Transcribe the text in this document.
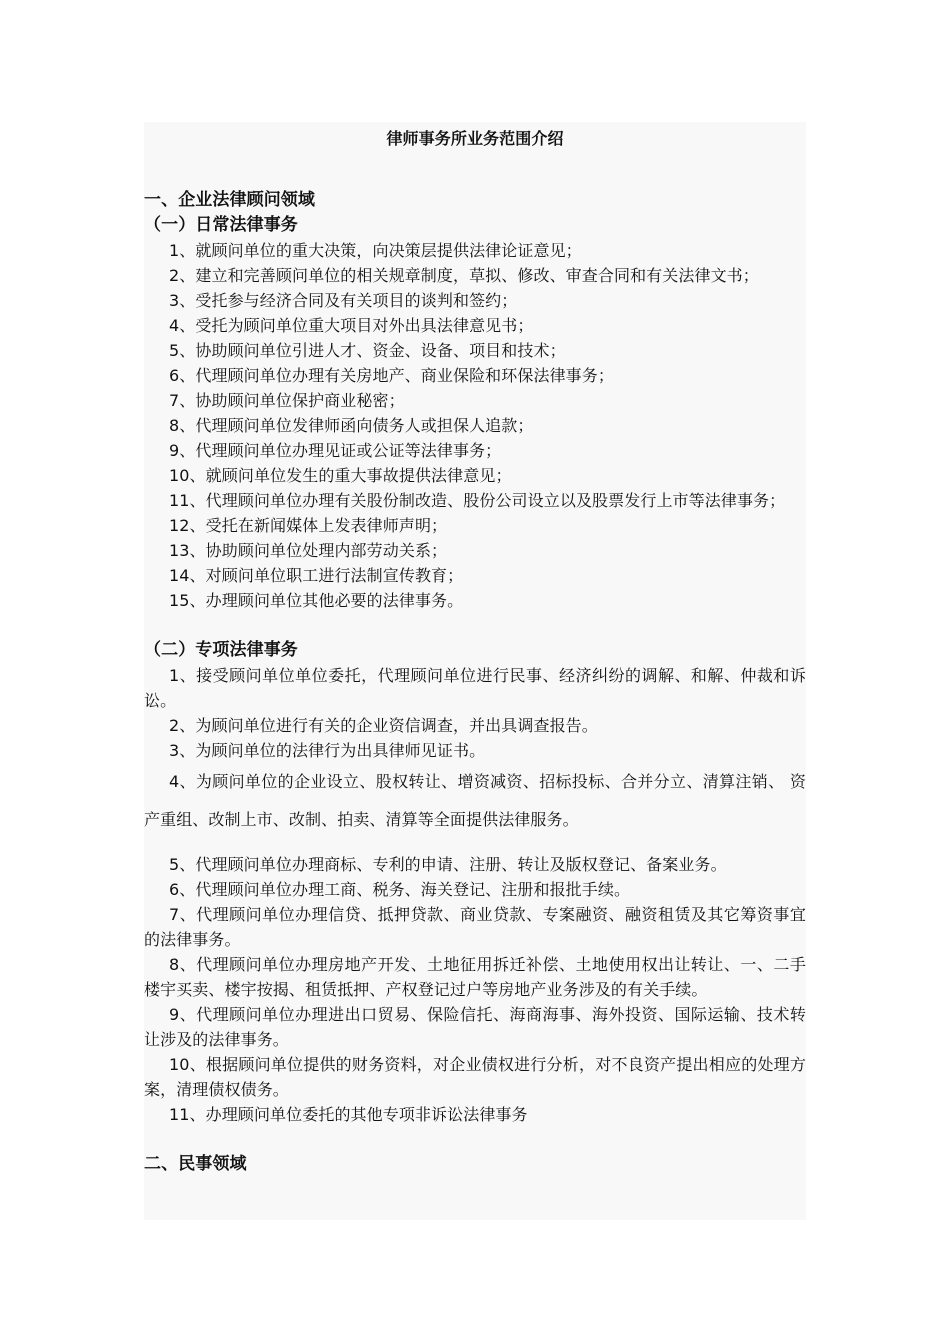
律师事务所业务范围介绍

一、企业法律顾问领域

（一）日常法律事务

1、就顾问单位的重大决策，向决策层提供法律论证意见；

2、建立和完善顾问单位的相关规章制度，草拟、修改、审查合同和有关法律文书；

3、受托参与经济合同及有关项目的谈判和签约；

4、受托为顾问单位重大项目对外出具法律意见书；

5、协助顾问单位引进人才、资金、设备、项目和技术；

6、代理顾问单位办理有关房地产、商业保险和环保法律事务；

7、协助顾问单位保护商业秘密；

8、代理顾问单位发律师函向债务人或担保人追款；

9、代理顾问单位办理见证或公证等法律事务；

10、就顾问单位发生的重大事故提供法律意见；

11、代理顾问单位办理有关股份制改造、股份公司设立以及股票发行上市等法律事务；

12、受托在新闻媒体上发表律师声明；

13、协助顾问单位处理内部劳动关系；

14、对顾问单位职工进行法制宣传教育；

15、办理顾问单位其他必要的法律事务。

（二）专项法律事务

1、接受顾问单位单位委托，代理顾问单位进行民事、经济纠纷的调解、和解、仲裁和诉讼。

2、为顾问单位进行有关的企业资信调查，并出具调查报告。

3、为顾问单位的法律行为出具律师见证书。

4、为顾问单位的企业设立、股权转让、增资减资、招标投标、合并分立、清算注销、 资产重组、改制上市、改制、拍卖、清算等全面提供法律服务。

5、代理顾问单位办理商标、专利的申请、注册、转让及版权登记、备案业务。

6、代理顾问单位办理工商、税务、海关登记、注册和报批手续。

7、代理顾问单位办理信贷、抵押贷款、商业贷款、专案融资、融资租赁及其它筹资事宜的法律事务。

8、代理顾问单位办理房地产开发、土地征用拆迁补偿、土地使用权出让转让、一、二手楼宇买卖、楼宇按揭、租赁抵押、产权登记过户等房地产业务涉及的有关手续。

9、代理顾问单位办理进出口贸易、保险信托、海商海事、海外投资、国际运输、技术转让涉及的法律事务。

10、根据顾问单位提供的财务资料，对企业债权进行分析，对不良资产提出相应的处理方案，清理债权债务。

11、办理顾问单位委托的其他专项非诉讼法律事务

二、民事领域
